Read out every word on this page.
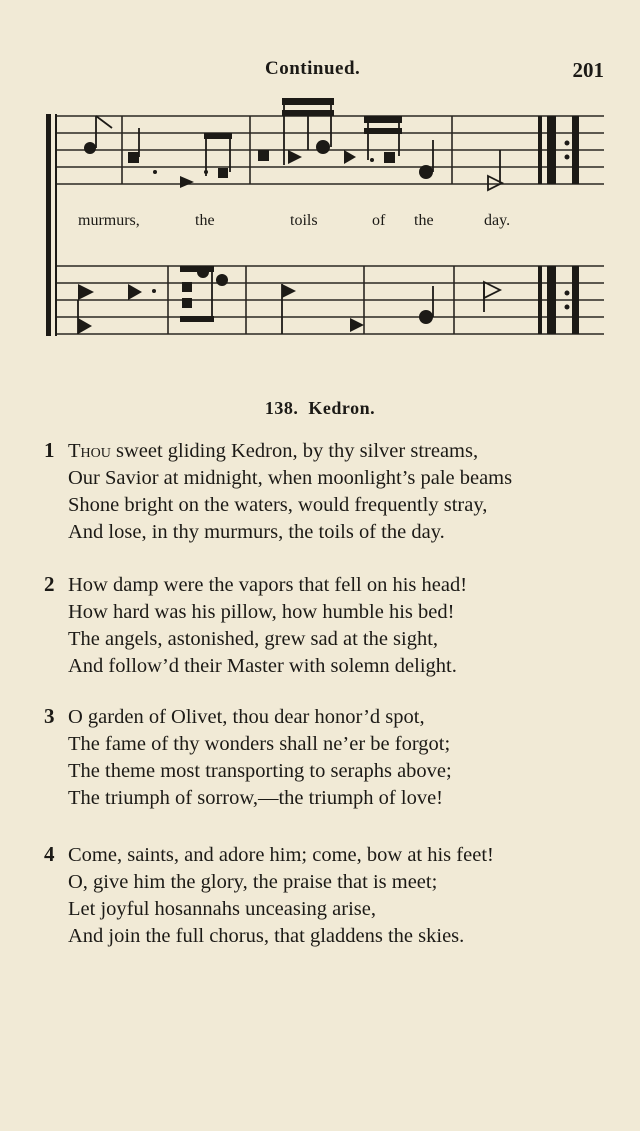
Continued.	201
murmurs,	the	toils	of the	day.
138. Kedron.
1 Thou sweet gliding Kedron, by thy silver streams,
Our Savior at midnight, when moonlight’s pale beams
Shone bright on the waters, would frequently stray,
And lose, in thy murmurs, the toils of the day.
2 How damp were the vapors that fell on his head!
How hard was his pillow, how humble his bed!
The angels, astonished, grew sad at the sight,
And follow’d their Master with solemn delight.
3 O garden of Olivet, thou dear honor’d spot,
The fame of thy wonders shall ne’er be forgot;
The theme most transporting to seraphs above;
The triumph of sorrow,—the triumph of love!
4 Come, saints, and adore him; come, bow at his feet!
O, give him the glory, the praise that is meet;
Let joyful hosannahs unceasing arise,
And join the full chorus, that gladdens the skies.
